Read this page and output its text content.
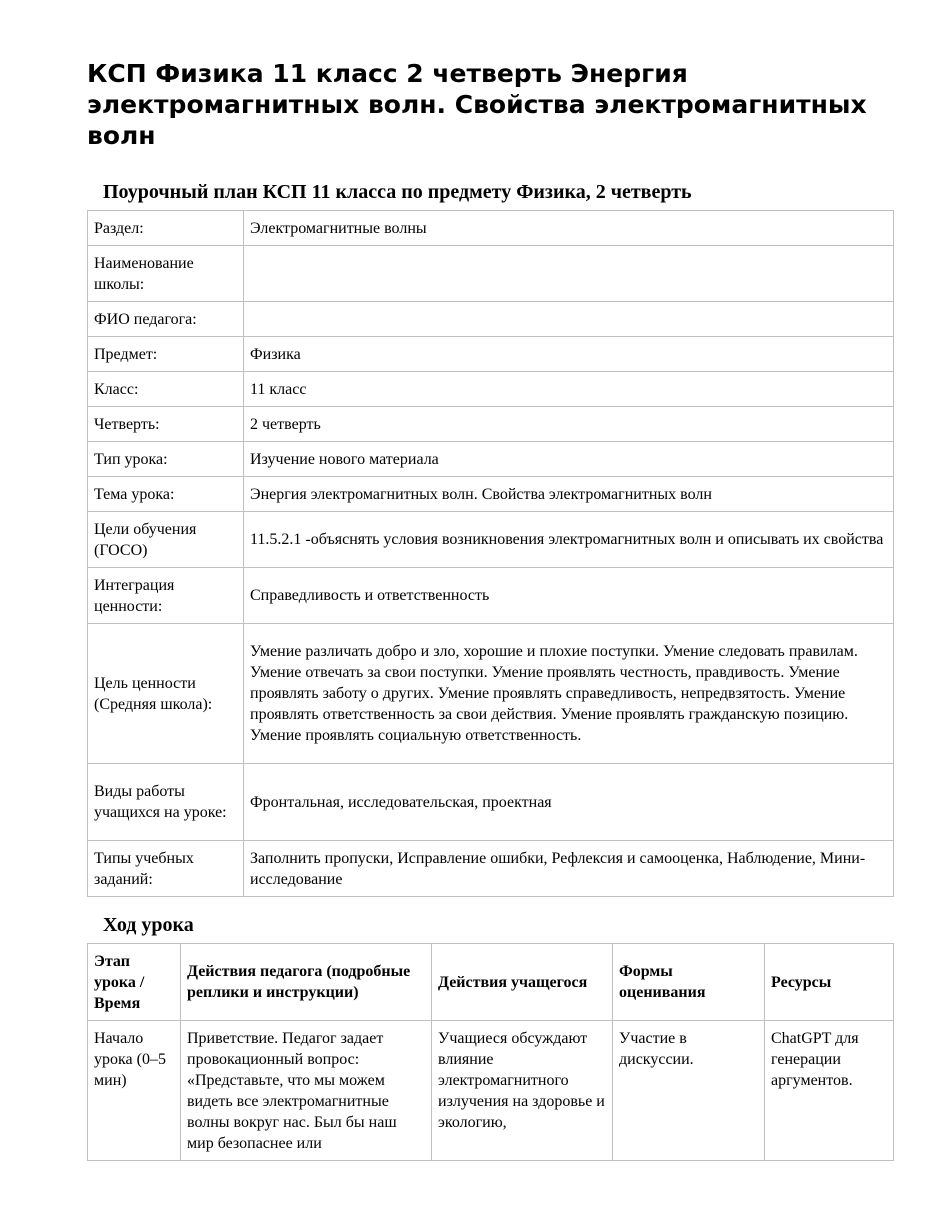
КСП Физика 11 класс 2 четверть Энергия электромагнитных волн. Свойства электромагнитных волн
Поурочный план КСП 11 класса по предмету Физика, 2 четверть
Раздел:	Электромагнитные волны
Наименование школы:	
ФИО педагога:	
Предмет:	Физика
Класс:	11 класс
Четверть:	2 четверть
Тип урока:	Изучение нового материала
Тема урока:	Энергия электромагнитных волн. Свойства электромагнитных волн
Цели обучения (ГОСО)	11.5.2.1 -объяснять условия возникновения электромагнитных волн и описывать их свойства
Интеграция ценности:	Справедливость и ответственность
Цель ценности (Средняя школа):	Умение различать добро и зло, хорошие и плохие поступки. Умение следовать правилам. Умение отвечать за свои поступки. Умение проявлять честность, правдивость. Умение проявлять заботу о других. Умение проявлять справедливость, непредвзятость. Умение проявлять ответственность за свои действия. Умение проявлять гражданскую позицию. Умение проявлять социальную ответственность.
Виды работы учащихся на уроке:	Фронтальная, исследовательская, проектная
Типы учебных заданий:	Заполнить пропуски, Исправление ошибки, Рефлексия и самооценка, Наблюдение, Мини-исследование
Ход урока
Этап урока / Время	Действия педагога (подробные реплики и инструкции)	Действия учащегося	Формы оценивания	Ресурсы
Начало урока (0–5 мин)	Приветствие. Педагог задает провокационный вопрос: «Представьте, что мы можем видеть все электромагнитные волны вокруг нас. Был бы наш мир безопаснее или	Учащиеся обсуждают влияние электромагнитного излучения на здоровье и экологию,	Участие в дискуссии.	ChatGPT для генерации аргументов.
